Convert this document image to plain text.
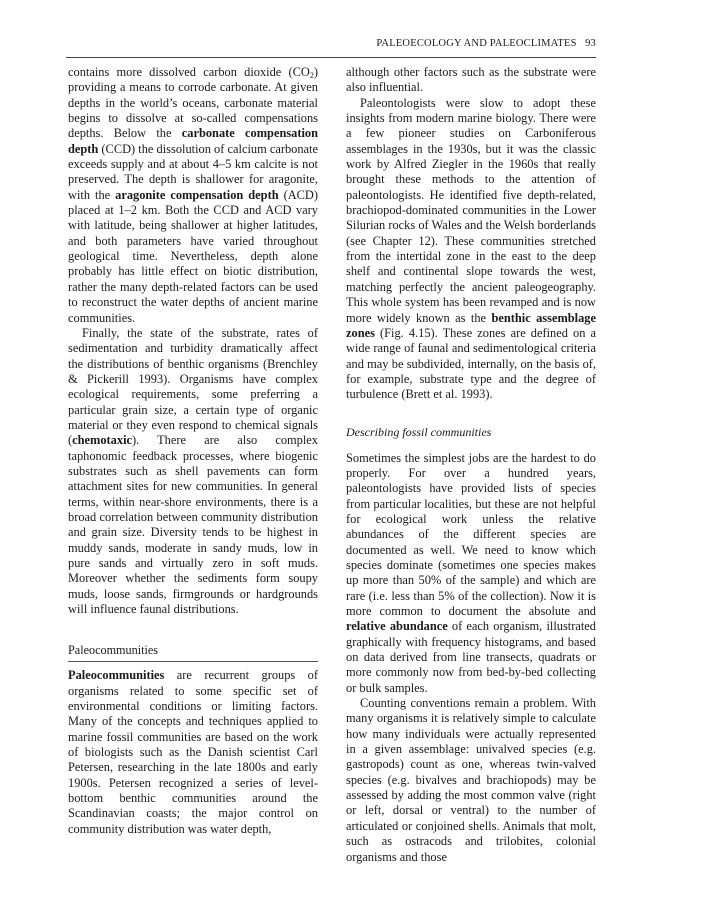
PALEOECOLOGY AND PALEOCLIMATES 93

contains more dissolved carbon dioxide $(CO_2)$ providing a means to corrode carbonate. At given depths in the world’s oceans, carbonate material begins to dissolve at so-called compensations depths. Below the carbonate compensation depth (CCD) the dissolution of calcium carbonate exceeds supply and at about 4–5 km calcite is not preserved. The depth is shallower for aragonite, with the aragonite compensation depth (ACD) placed at 1–2 km. Both the CCD and ACD vary with latitude, being shallower at higher latitudes, and both parameters have varied throughout geological time. Nevertheless, depth alone probably has little effect on biotic distribution, rather the many depth-related factors can be used to reconstruct the water depths of ancient marine communities.

Finally, the state of the substrate, rates of sedimentation and turbidity dramatically affect the distributions of benthic organisms (Brenchley & Pickerill 1993). Organisms have complex ecological requirements, some preferring a particular grain size, a certain type of organic material or they even respond to chemical signals (chemotaxic). There are also complex taphonomic feedback processes, where biogenic substrates such as shell pavements can form attachment sites for new communities. In general terms, within near-shore environments, there is a broad correlation between community distribution and grain size. Diversity tends to be highest in muddy sands, moderate in sandy muds, low in pure sands and virtually zero in soft muds. Moreover whether the sediments form soupy muds, loose sands, firmgrounds or hardgrounds will influence faunal distributions.

Paleocommunities

Paleocommunities are recurrent groups of organisms related to some specific set of environmental conditions or limiting factors. Many of the concepts and techniques applied to marine fossil communities are based on the work of biologists such as the Danish scientist Carl Petersen, researching in the late 1800s and early 1900s. Petersen recognized a series of level-bottom benthic communities around the Scandinavian coasts; the major control on community distribution was water depth,

although other factors such as the substrate were also influential.

Paleontologists were slow to adopt these insights from modern marine biology. There were a few pioneer studies on Carboniferous assemblages in the 1930s, but it was the classic work by Alfred Ziegler in the 1960s that really brought these methods to the attention of paleontologists. He identified five depth-related, brachiopod-dominated communities in the Lower Silurian rocks of Wales and the Welsh borderlands (see Chapter 12). These communities stretched from the intertidal zone in the east to the deep shelf and continental slope towards the west, matching perfectly the ancient paleogeography. This whole system has been revamped and is now more widely known as the benthic assemblage zones (Fig. 4.15). These zones are defined on a wide range of faunal and sedimentological criteria and may be subdivided, internally, on the basis of, for example, substrate type and the degree of turbulence (Brett et al. 1993).

Describing fossil communities

Sometimes the simplest jobs are the hardest to do properly. For over a hundred years, paleontologists have provided lists of species from particular localities, but these are not helpful for ecological work unless the relative abundances of the different species are documented as well. We need to know which species dominate (sometimes one species makes up more than 50% of the sample) and which are rare (i.e. less than 5% of the collection). Now it is more common to document the absolute and relative abundance of each organism, illustrated graphically with frequency histograms, and based on data derived from line transects, quadrats or more commonly now from bed-by-bed collecting or bulk samples.

Counting conventions remain a problem. With many organisms it is relatively simple to calculate how many individuals were actually represented in a given assemblage: univalved species (e.g. gastropods) count as one, whereas twin-valved species (e.g. bivalves and brachiopods) may be assessed by adding the most common valve (right or left, dorsal or ventral) to the number of articulated or conjoined shells. Animals that molt, such as ostracods and trilobites, colonial organisms and those
